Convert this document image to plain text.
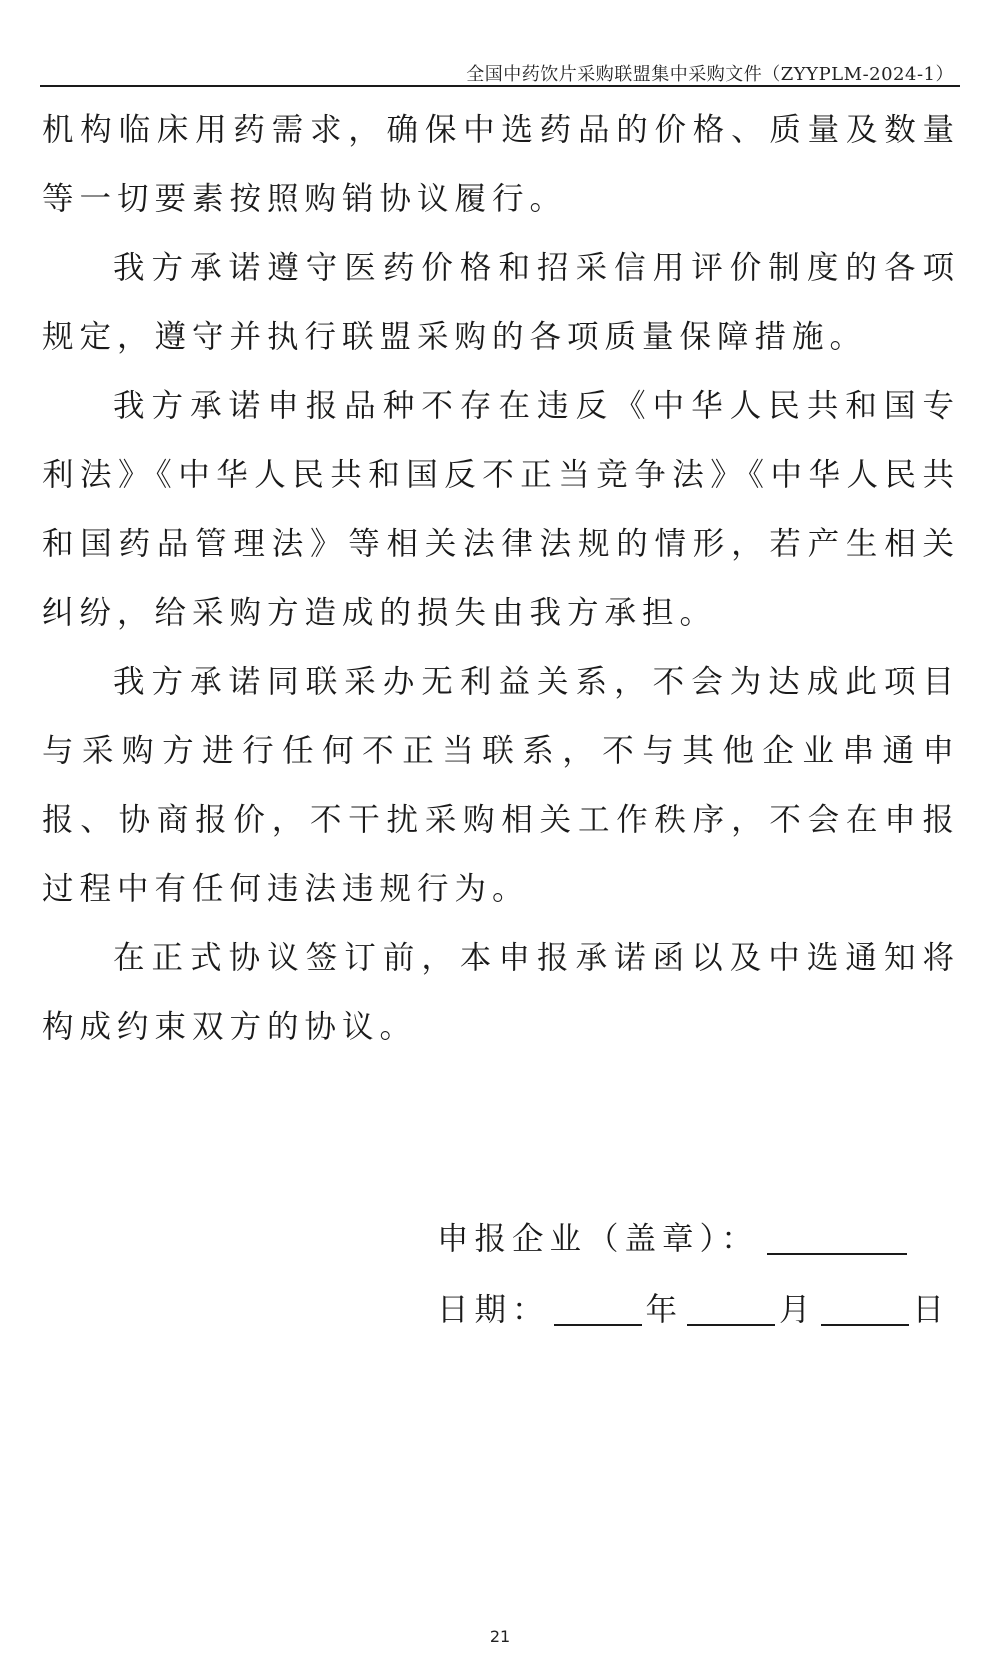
全国中药饮片采购联盟集中采购文件（ZYYPLM-2024-1）

机构临床用药需求，确保中选药品的价格、质量及数量等一切要素按照购销协议履行。

我方承诺遵守医药价格和招采信用评价制度的各项规定，遵守并执行联盟采购的各项质量保障措施。

我方承诺申报品种不存在违反《中华人民共和国专利法》《中华人民共和国反不正当竞争法》《中华人民共和国药品管理法》等相关法律法规的情形，若产生相关纠纷，给采购方造成的损失由我方承担。

我方承诺同联采办无利益关系，不会为达成此项目与采购方进行任何不正当联系，不与其他企业串通申报、协商报价，不干扰采购相关工作秩序，不会在申报过程中有任何违法违规行为。

在正式协议签订前，本申报承诺函以及中选通知将构成约束双方的协议。

申报企业（盖章）：
日期：	年	月	日
21
